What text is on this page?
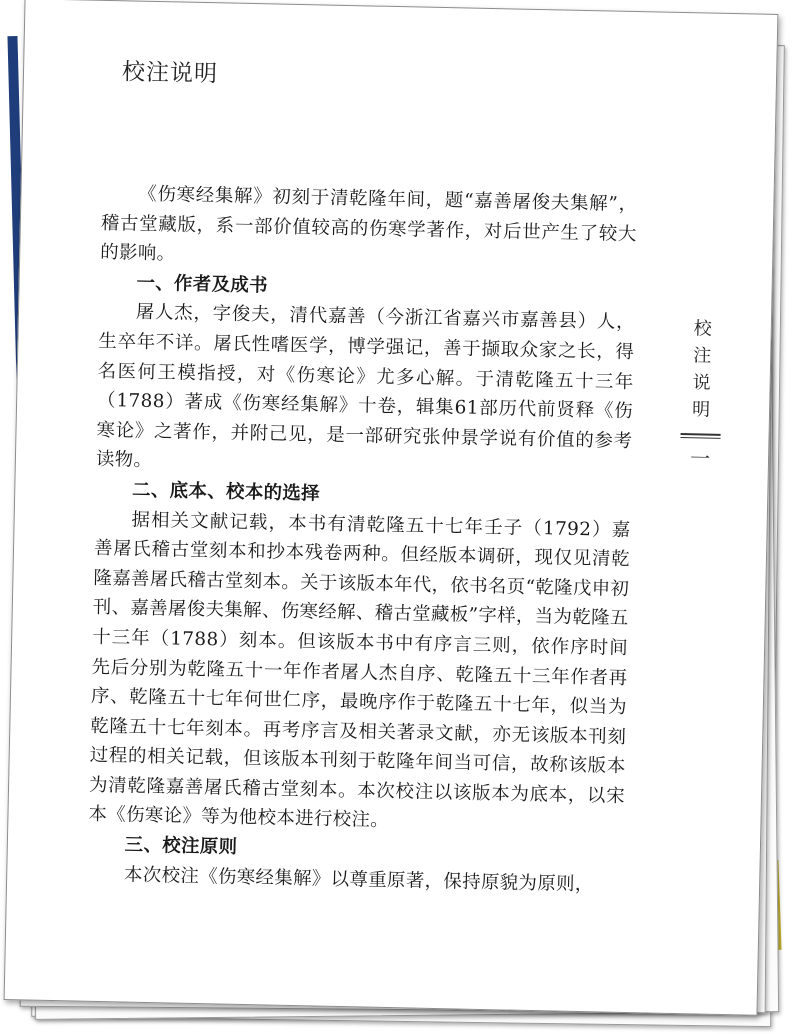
校注说明

《伤寒经集解》初刻于清乾隆年间，题“嘉善屠俊夫集解”，稽古堂藏版，系一部价值较高的伤寒学著作，对后世产生了较大的影响。

一、作者及成书

屠人杰，字俊夫，清代嘉善（今浙江省嘉兴市嘉善县）人，生卒年不详。屠氏性嗜医学，博学强记，善于撷取众家之长，得名医何王模指授，对《伤寒论》尤多心解。于清乾隆五十三年（1788）著成《伤寒经集解》十卷，辑集61部历代前贤释《伤寒论》之著作，并附己见，是一部研究张仲景学说有价值的参考读物。

二、底本、校本的选择

据相关文献记载，本书有清乾隆五十七年壬子（1792）嘉善屠氏稽古堂刻本和抄本残卷两种。但经版本调研，现仅见清乾隆嘉善屠氏稽古堂刻本。关于该版本年代，依书名页“乾隆戊申初刊、嘉善屠俊夫集解、伤寒经解、稽古堂藏板”字样，当为乾隆五十三年（1788）刻本。但该版本书中有序言三则，依作序时间先后分别为乾隆五十一年作者屠人杰自序、乾隆五十三年作者再序、乾隆五十七年何世仁序，最晚序作于乾隆五十七年，似当为乾隆五十七年刻本。再考序言及相关著录文献，亦无该版本刊刻过程的相关记载，但该版本刊刻于乾隆年间当可信，故称该版本为清乾隆嘉善屠氏稽古堂刻本。本次校注以该版本为底本，以宋本《伤寒论》等为他校本进行校注。

三、校注原则

本次校注《伤寒经集解》以尊重原著，保持原貌为原则，

校
注
说
明
一
